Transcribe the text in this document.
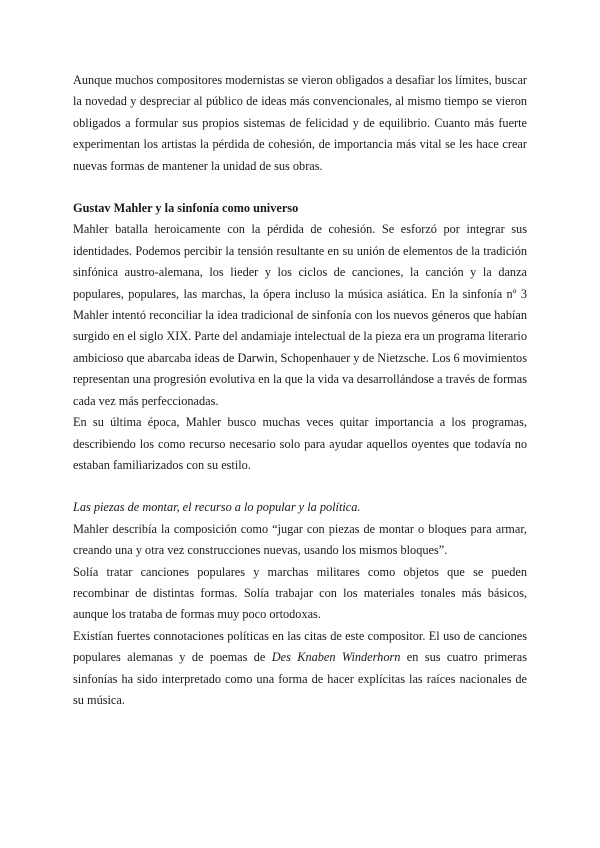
Aunque muchos compositores modernistas se vieron obligados a desafiar los límites, buscar la novedad y despreciar al público de ideas más convencionales, al mismo tiempo se vieron obligados a formular sus propios sistemas de felicidad y de equilibrio. Cuanto más fuerte experimentan los artistas la pérdida de cohesión, de importancia más vital se les hace crear nuevas formas de mantener la unidad de sus obras.

Gustav Mahler y la sinfonía como universo

Mahler batalla heroicamente con la pérdida de cohesión. Se esforzó por integrar sus identidades. Podemos percibir la tensión resultante en su unión de elementos de la tradición sinfónica austro-alemana, los lieder y los ciclos de canciones, la canción y la danza populares, populares, las marchas, la ópera incluso la música asiática. En la sinfonía nº 3 Mahler intentó reconciliar la idea tradicional de sinfonía con los nuevos géneros que habían surgido en el siglo XIX. Parte del andamiaje intelectual de la pieza era un programa literario ambicioso que abarcaba ideas de Darwin, Schopenhauer y de Nietzsche. Los 6 movimientos representan una progresión evolutiva en la que la vida va desarrollándose a través de formas cada vez más perfeccionadas.

En su última época, Mahler busco muchas veces quitar importancia a los programas, describiendo los como recurso necesario solo para ayudar aquellos oyentes que todavía no estaban familiarizados con su estilo.

Las piezas de montar, el recurso a lo popular y la política.

Mahler describía la composición como “jugar con piezas de montar o bloques para armar, creando una y otra vez construcciones nuevas, usando los mismos bloques”.

Solía tratar canciones populares y marchas militares como objetos que se pueden recombinar de distintas formas. Solía trabajar con los materiales tonales más básicos, aunque los trataba de formas muy poco ortodoxas.

Existían fuertes connotaciones políticas en las citas de este compositor. El uso de canciones populares alemanas y de poemas de Des Knaben Winderhorn en sus cuatro primeras sinfonías ha sido interpretado como una forma de hacer explícitas las raíces nacionales de su música.
